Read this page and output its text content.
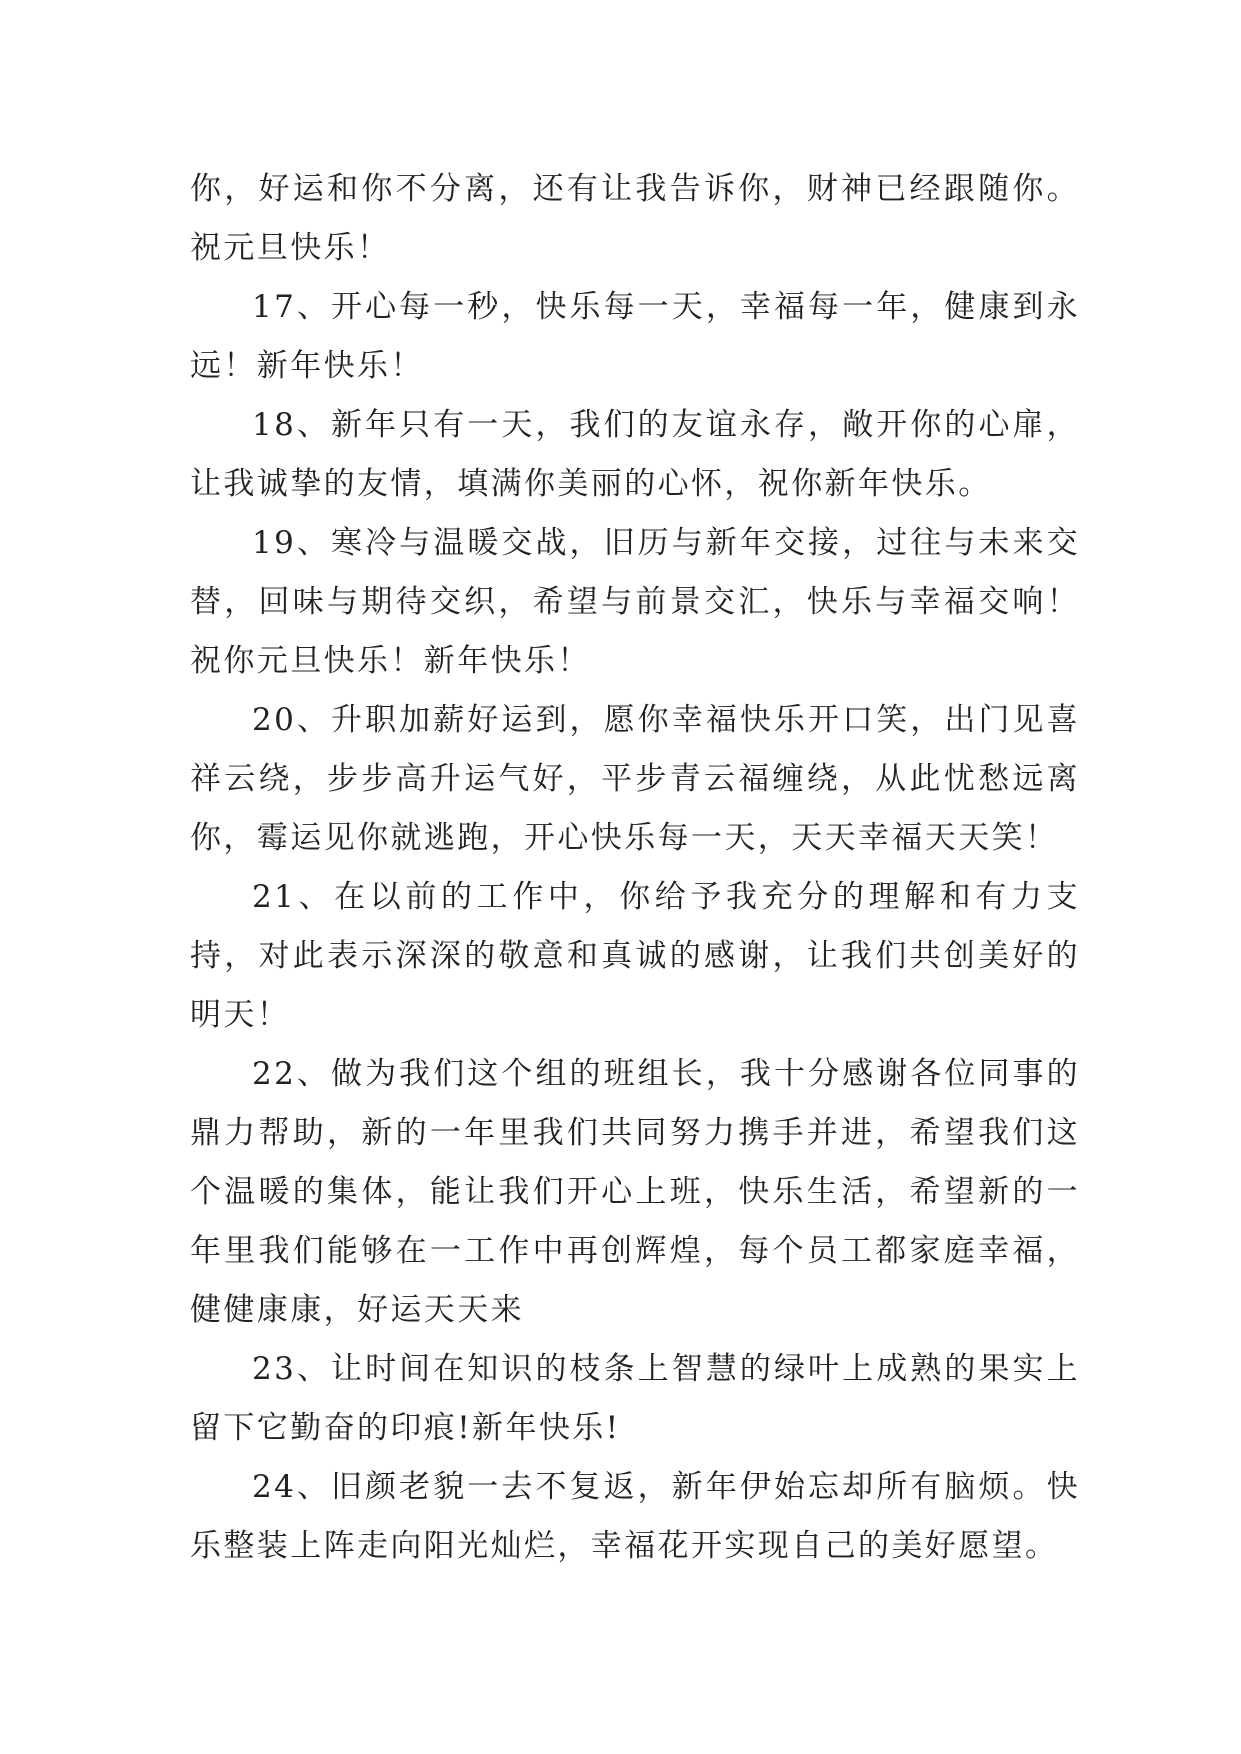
你，好运和你不分离，还有让我告诉你，财神已经跟随你。祝元旦快乐！

17、开心每一秒，快乐每一天，幸福每一年，健康到永远！新年快乐！

18、新年只有一天，我们的友谊永存，敞开你的心扉，让我诚挚的友情，填满你美丽的心怀，祝你新年快乐。

19、寒冷与温暖交战，旧历与新年交接，过往与未来交替，回味与期待交织，希望与前景交汇，快乐与幸福交响！祝你元旦快乐！新年快乐！

20、升职加薪好运到，愿你幸福快乐开口笑，出门见喜祥云绕，步步高升运气好，平步青云福缠绕，从此忧愁远离你，霉运见你就逃跑，开心快乐每一天，天天幸福天天笑！

21、在以前的工作中，你给予我充分的理解和有力支持，对此表示深深的敬意和真诚的感谢，让我们共创美好的明天！

22、做为我们这个组的班组长，我十分感谢各位同事的鼎力帮助，新的一年里我们共同努力携手并进，希望我们这个温暖的集体，能让我们开心上班，快乐生活，希望新的一年里我们能够在一工作中再创辉煌，每个员工都家庭幸福，健健康康，好运天天来

23、让时间在知识的枝条上智慧的绿叶上成熟的果实上留下它勤奋的印痕!新年快乐!

24、旧颜老貌一去不复返，新年伊始忘却所有脑烦。快乐整装上阵走向阳光灿烂，幸福花开实现自己的美好愿望。
